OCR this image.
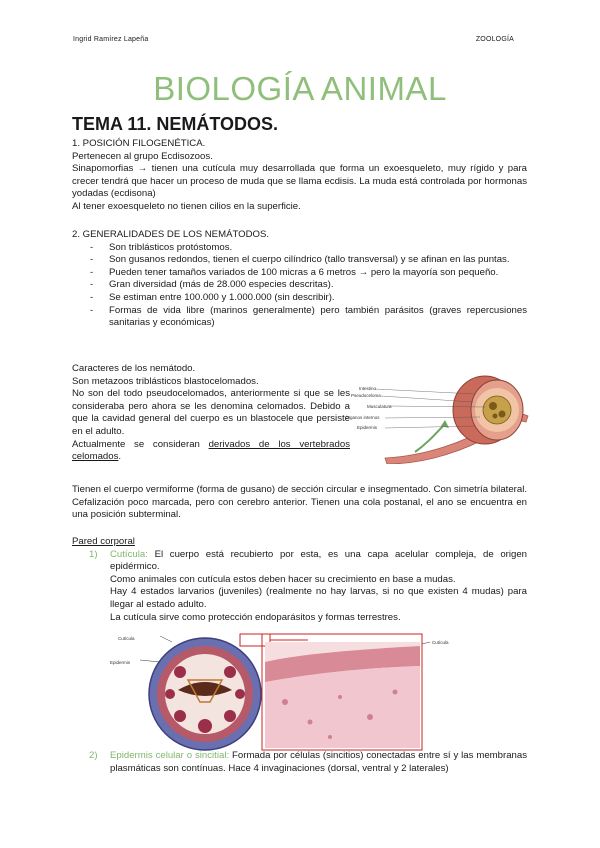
Ingrid Ramírez Lapeña	ZOOLOGÍA
BIOLOGÍA ANIMAL
TEMA 11. NEMÁTODOS.

1. POSICIÓN FILOGENÉTICA.

Pertenecen al grupo Ecdisozoos.

Sinapomorfias → tienen una cutícula muy desarrollada que forma un exoesqueleto, muy rígido y para crecer tendrá que hacer un proceso de muda que se llama ecdisis. La muda está controlada por hormonas yodadas (ecdisona)

Al tener exoesqueleto no tienen cilios en la superficie.

2. GENERALIDADES DE LOS NEMÁTODOS.

- Son triblásticos protóstomos.
- Son gusanos redondos, tienen el cuerpo cilíndrico (tallo transversal) y se afinan en las puntas.
- Pueden tener tamaños variados de 100 micras a 6 metros → pero la mayoría son pequeño.
- Gran diversidad (más de 28.000 especies descritas).
- Se estiman entre 100.000 y 1.000.000 (sin describir).
- Formas de vida libre (marinos generalmente) pero también parásitos (graves repercusiones sanitarias y económicas)

Caracteres de los nemátodo.

Son metazoos triblásticos blastocelomados.

No son del todo pseudocelomados, anteriormente si que se les consideraba pero ahora se les denomina celomados. Debido a que la cavidad general del cuerpo es un blastocele que persiste en el adulto.

Actualmente se consideran derivados de los vertebrados celomados.

Intestino
Pseudoceloma
Musculatura
Órganos internos
Epidermis
Tienen el cuerpo vermiforme (forma de gusano) de sección circular e insegmentado. Con simetría bilateral. Cefalización poco marcada, pero con cerebro anterior. Tienen una cola postanal, el ano se encuentra en una posición subterminal.

Pared corporal

1) Cutícula: El cuerpo está recubierto por esta, es una capa acelular compleja, de origen epidérmico.
Como animales con cutícula estos deben hacer su crecimiento en base a mudas.
Hay 4 estados larvarios (juveniles) (realmente no hay larvas, si no que existen 4 mudas) para llegar al estado adulto.
La cutícula sirve como protección endoparásitos y formas terrestres.
Cutícula
Epidermis
Cutícula
2) Epidermis celular o sincitial: Formada por células (sincitios) conectadas entre sí y las membranas plasmáticas son contínuas. Hace 4 invaginaciones (dorsal, ventral y 2 laterales)
